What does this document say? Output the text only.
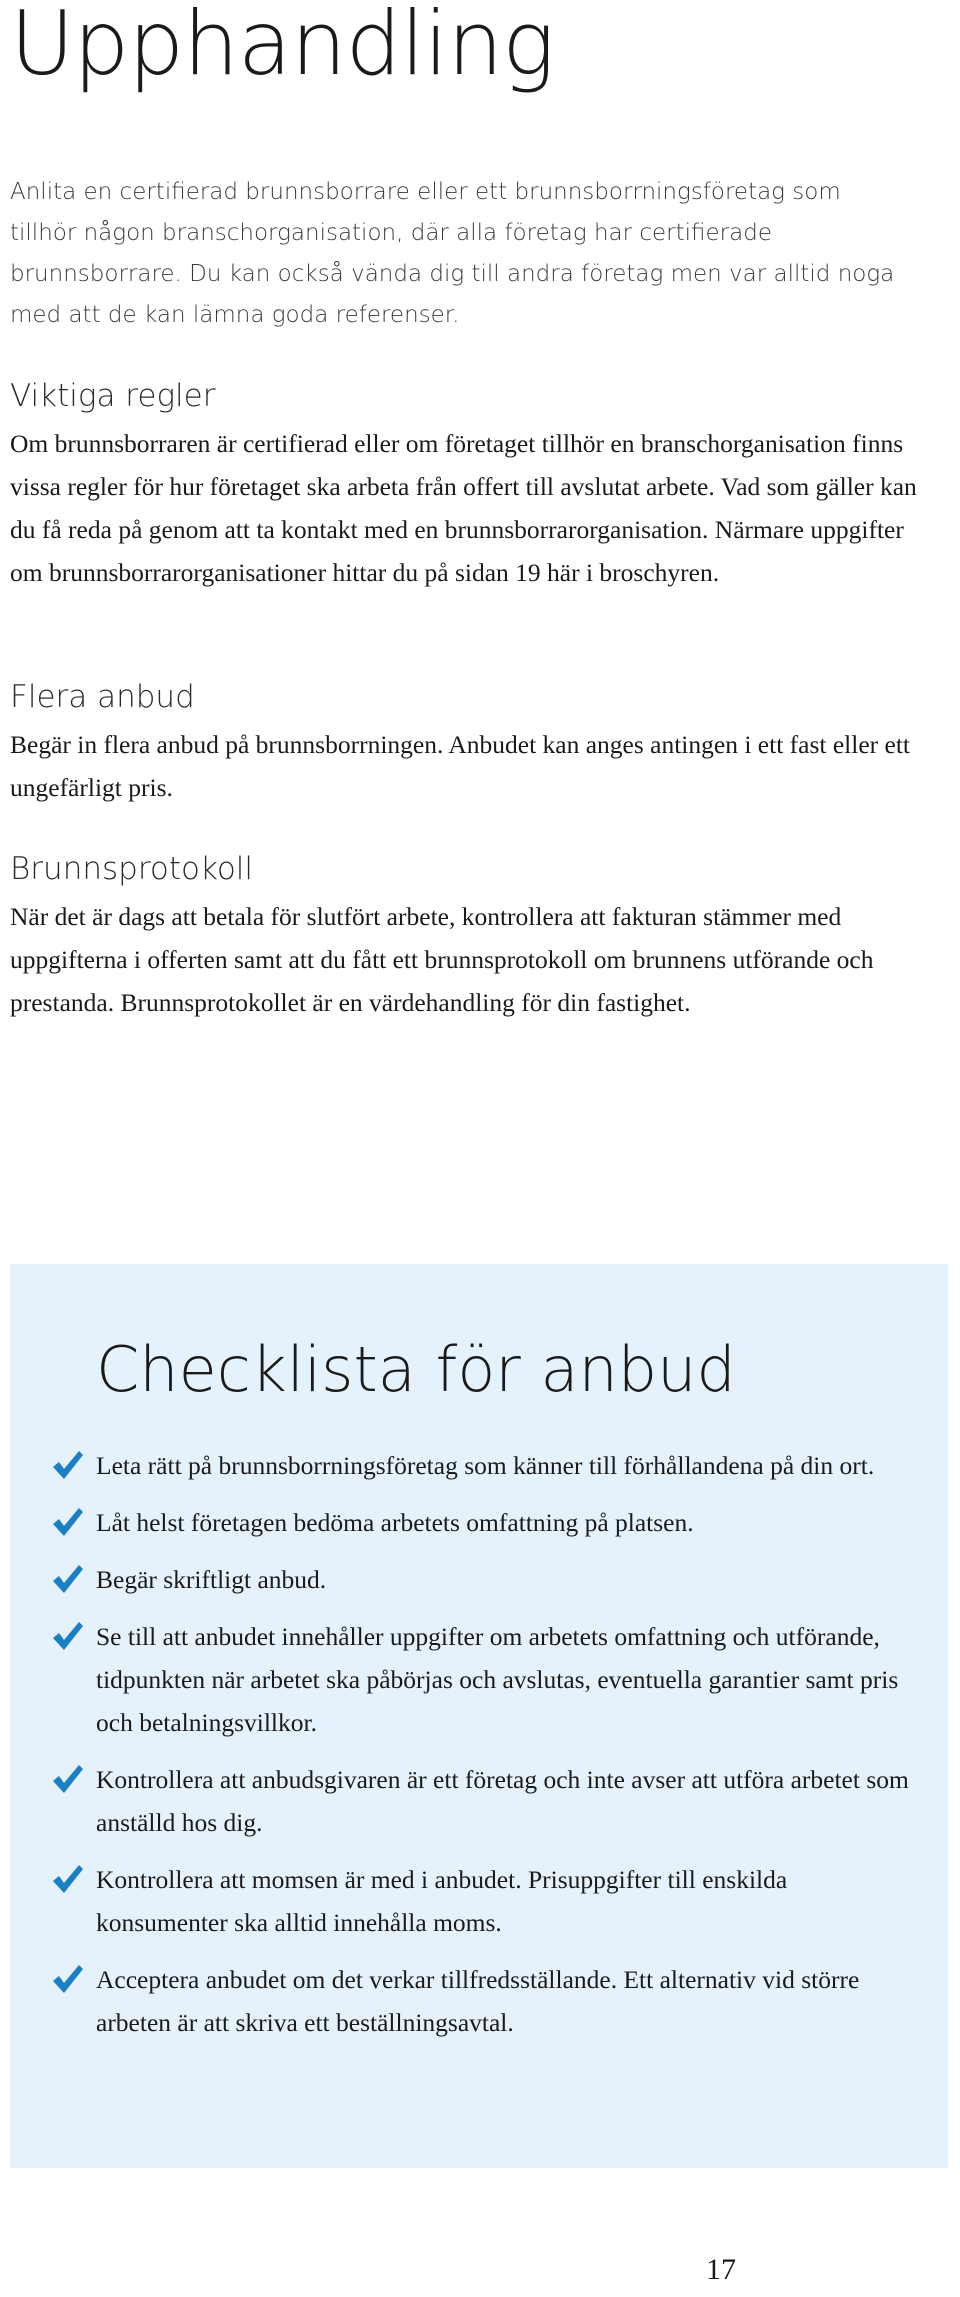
Upphandling

Anlita en certifierad brunnsborrare eller ett brunnsborrningsföretag som tillhör någon branschorganisation, där alla företag har certifierade brunnsborrare. Du kan också vända dig till andra företag men var alltid noga med att de kan lämna goda referenser.

Viktiga regler

Om brunnsborraren är certifierad eller om företaget tillhör en branschorganisation finns vissa regler för hur företaget ska arbeta från offert till avslutat arbete. Vad som gäller kan du få reda på genom att ta kontakt med en brunnsborrarorganisation. Närmare uppgifter om brunnsborrarorganisationer hittar du på sidan 19 här i broschyren.

Flera anbud

Begär in flera anbud på brunnsborrningen. Anbudet kan anges antingen i ett fast eller ett ungefärligt pris.

Brunnsprotokoll

När det är dags att betala för slutfört arbete, kontrollera att fakturan stämmer med uppgifterna i offerten samt att du fått ett brunnsprotokoll om brunnens utförande och prestanda. Brunnsprotokollet är en värdehandling för din fastighet.

Checklista för anbud
Leta rätt på brunnsborrningsföretag som känner till förhållandena på din ort.
Låt helst företagen bedöma arbetets omfattning på platsen.
Begär skriftligt anbud.
Se till att anbudet innehåller uppgifter om arbetets omfattning och utförande, tidpunkten när arbetet ska påbörjas och avslutas, eventuella garantier samt pris och betalningsvillkor.
Kontrollera att anbudsgivaren är ett företag och inte avser att utföra arbetet som anställd hos dig.
Kontrollera att momsen är med i anbudet. Prisuppgifter till enskilda konsumenter ska alltid innehålla moms.
Acceptera anbudet om det verkar tillfredsställande. Ett alternativ vid större arbeten är att skriva ett beställningsavtal.
17
